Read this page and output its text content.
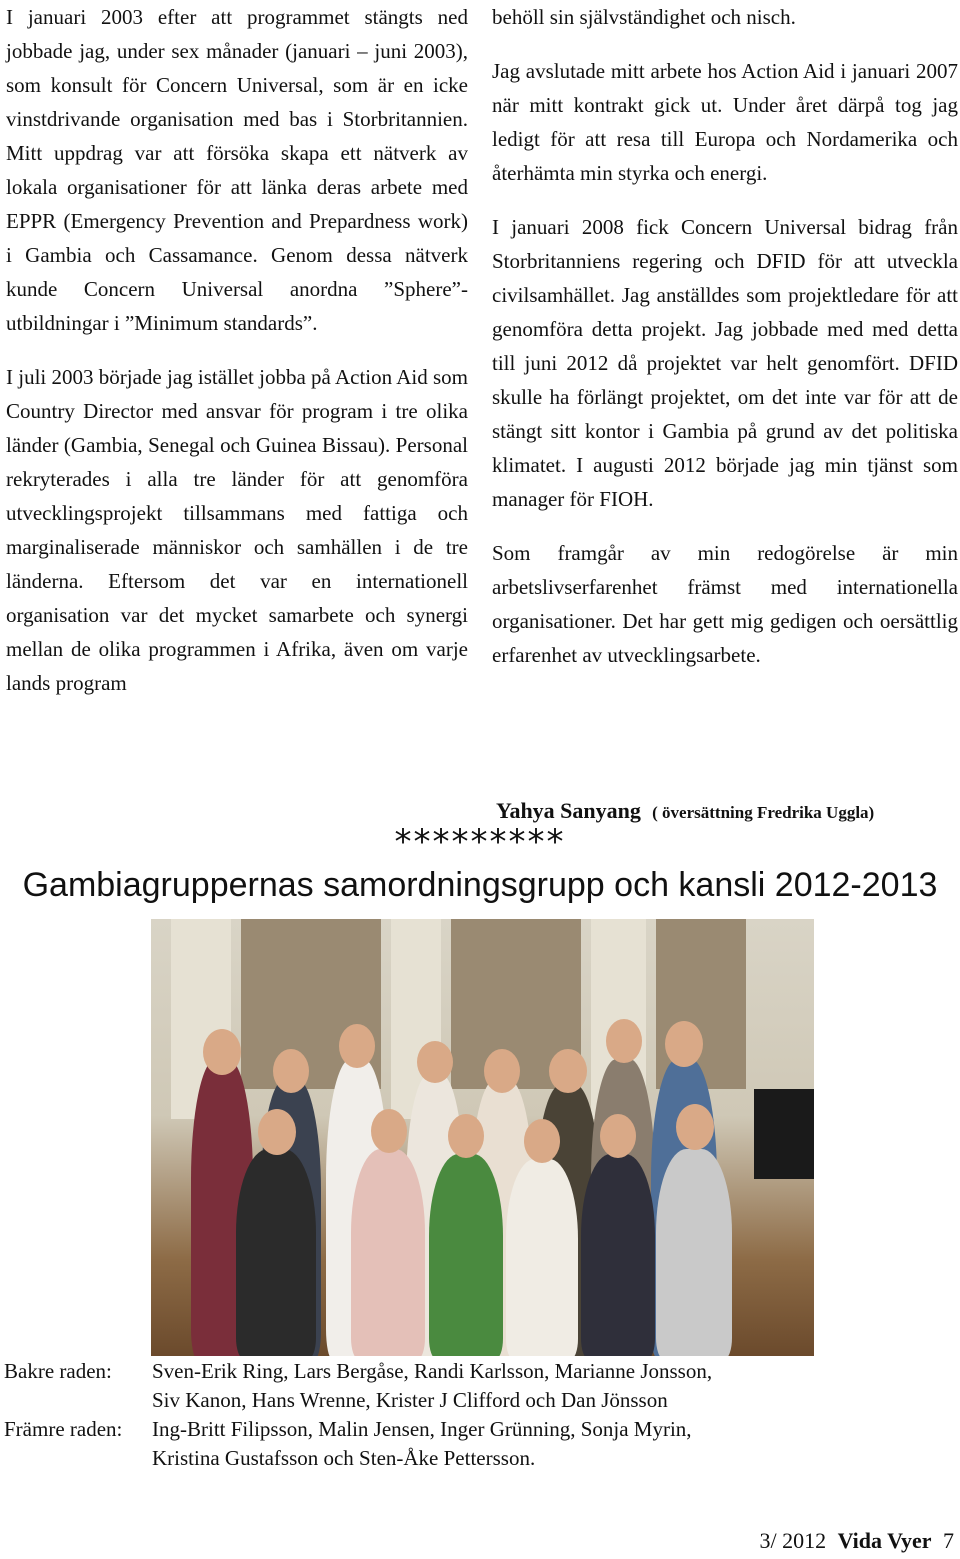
I januari 2003 efter att programmet stängts ned jobbade jag, under sex månader (januari – juni 2003), som konsult för Concern Universal, som är en icke vinstdrivande organisation med bas i Storbritannien. Mitt uppdrag var att försöka skapa ett nätverk av lokala organisationer för att länka deras arbete med EPPR (Emergency Prevention and Prepardness work) i Gambia och Cassamance. Genom dessa nätverk kunde Concern Universal anordna ”Sphere”-utbildningar i ”Minimum standards”.

I juli 2003 började jag istället jobba på Action Aid som Country Director med ansvar för program i tre olika länder (Gambia, Senegal och Guinea Bissau). Personal rekryterades i alla tre länder för att genomföra utvecklingsprojekt tillsammans med fattiga och marginaliserade människor och samhällen i de tre länderna. Eftersom det var en internationell organisation var det mycket samarbete och synergi mellan de olika programmen i Afrika, även om varje lands program

behöll sin självständighet och nisch.

Jag avslutade mitt arbete hos Action Aid i januari 2007 när mitt kontrakt gick ut. Under året därpå tog jag ledigt för att resa till Europa och Nordamerika och återhämta min styrka och energi.

I januari 2008 fick Concern Universal bidrag från Storbritanniens regering och DFID för att utveckla civilsamhället. Jag anställdes som projektledare för att genomföra detta projekt. Jag jobbade med med detta till juni 2012 då projektet var helt genomfört. DFID skulle ha förlängt projektet, om det inte var för att de stängt sitt kontor i Gambia på grund av det politiska klimatet. I augusti 2012 började jag min tjänst som manager för FIOH.

Som framgår av min redogörelse är min arbetslivserfarenhet främst med internationella organisationer. Det har gett mig gedigen och oersättlig erfarenhet av utvecklingsarbete.

Yahya Sanyang ( översättning Fredrika Uggla)
*********
Gambiagruppernas samordningsgrupp och kansli 2012-2013
Bakre raden:	Sven-Erik Ring, Lars Bergåse, Randi Karlsson, Marianne Jonsson,
Siv Kanon, Hans Wrenne, Krister J Clifford och Dan Jönsson
Främre raden:	Ing-Britt Filipsson, Malin Jensen, Inger Grünning, Sonja Myrin,
Kristina Gustafsson och Sten-Åke Pettersson.
3/ 2012 Vida Vyer 7
